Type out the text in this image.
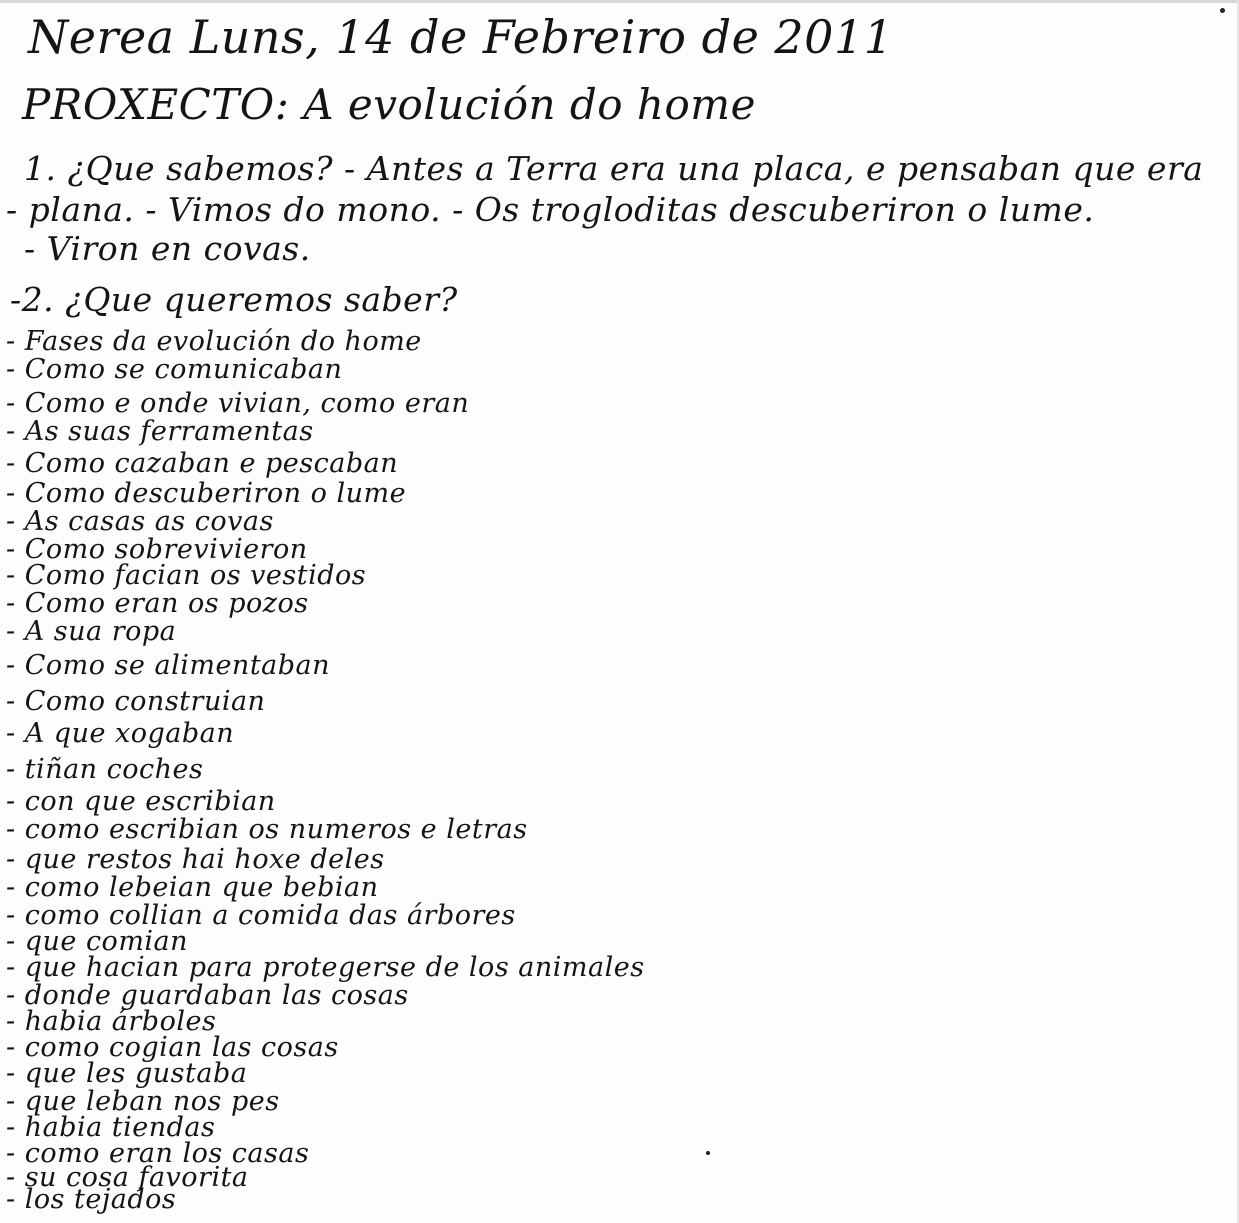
Nerea Luns, 14 de Febreiro de 2011
PROXECTO: A evolución do home
1. ¿Que sabemos? - Antes a Terra era una placa, e pensaban que era
- plana. - Vimos do mono. - Os trogloditas descuberiron o lume.
- Viron en covas.
-2. ¿Que queremos saber?
- Fases da evolución do home
- Como se comunicaban
- Como e onde vivian, como eran
- As suas ferramentas
- Como cazaban e pescaban
- Como descuberiron o lume
- As casas as covas
- Como sobrevivieron
- Como facian os vestidos
- Como eran os pozos
- A sua ropa
- Como se alimentaban
- Como construian
- A que xogaban
- tiñan coches
- con que escribian
- como escribian os numeros e letras
- que restos hai hoxe deles
- como lebeian que bebian
- como collian a comida das árbores
- que comian
- que hacian para protegerse de los animales
- donde guardaban las cosas
- habia árboles
- como cogian las cosas
- que les gustaba
- que leban nos pes
- habia tiendas
- como eran los casas
- su cosa favorita
- los tejados
